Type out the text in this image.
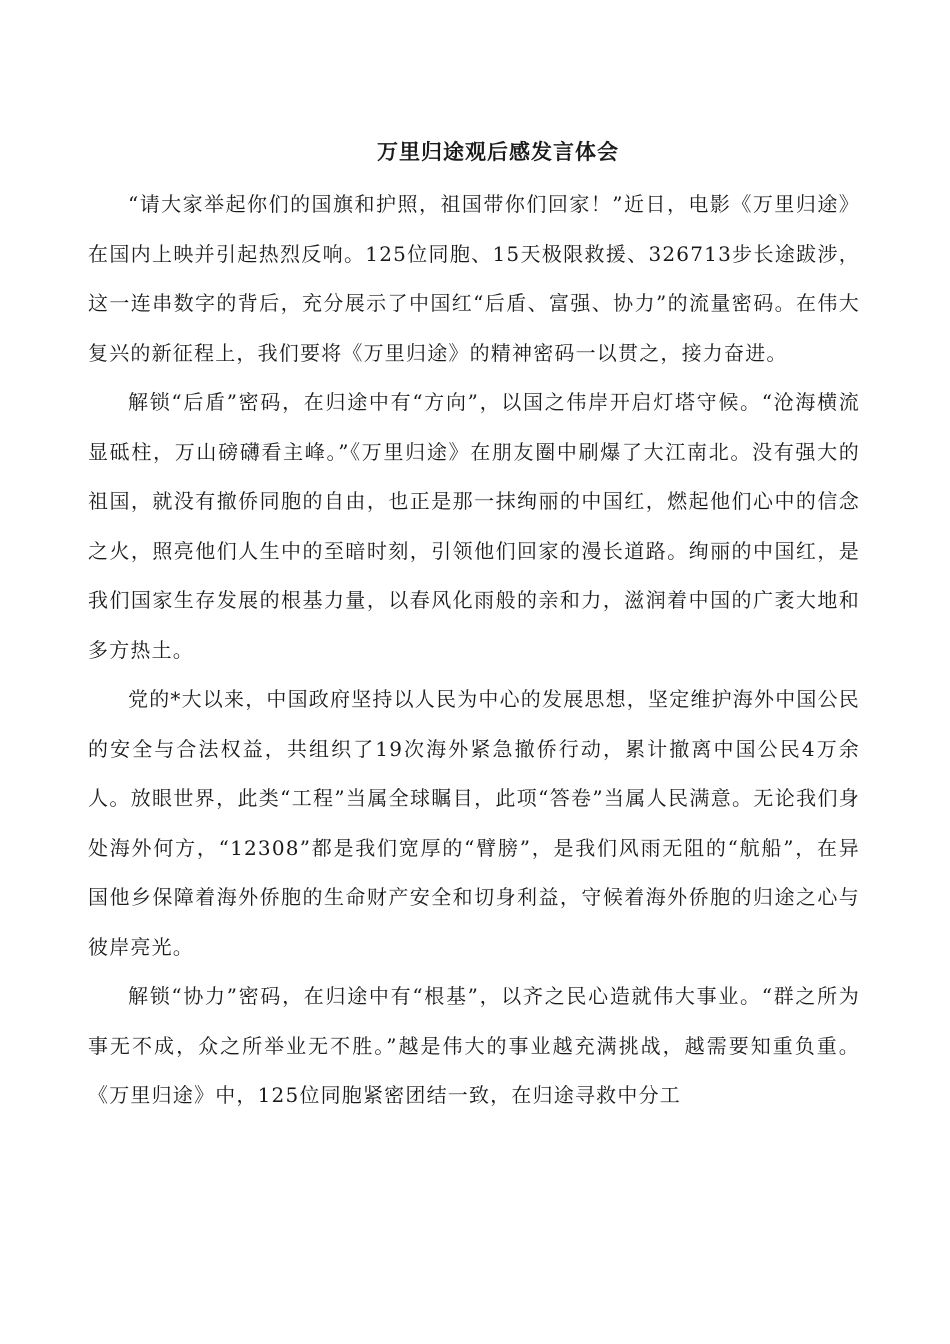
万里归途观后感发言体会

“请大家举起你们的国旗和护照，祖国带你们回家！”近日，电影《万里归途》在国内上映并引起热烈反响。125位同胞、15天极限救援、326713步长途跋涉，这一连串数字的背后，充分展示了中国红“后盾、富强、协力”的流量密码。在伟大复兴的新征程上，我们要将《万里归途》的精神密码一以贯之，接力奋进。

解锁“后盾”密码，在归途中有“方向”，以国之伟岸开启灯塔守候。“沧海横流显砥柱，万山磅礴看主峰。”《万里归途》在朋友圈中刷爆了大江南北。没有强大的祖国，就没有撤侨同胞的自由，也正是那一抹绚丽的中国红，燃起他们心中的信念之火，照亮他们人生中的至暗时刻，引领他们回家的漫长道路。绚丽的中国红，是我们国家生存发展的根基力量，以春风化雨般的亲和力，滋润着中国的广袤大地和多方热土。

党的*大以来，中国政府坚持以人民为中心的发展思想，坚定维护海外中国公民的安全与合法权益，共组织了19次海外紧急撤侨行动，累计撤离中国公民4万余人。放眼世界，此类“工程”当属全球瞩目，此项“答卷”当属人民满意。无论我们身处海外何方，“12308”都是我们宽厚的“臂膀”，是我们风雨无阻的“航船”，在异国他乡保障着海外侨胞的生命财产安全和切身利益，守候着海外侨胞的归途之心与彼岸亮光。

解锁“协力”密码，在归途中有“根基”，以齐之民心造就伟大事业。“群之所为事无不成，众之所举业无不胜。”越是伟大的事业越充满挑战，越需要知重负重。《万里归途》中，125位同胞紧密团结一致，在归途寻救中分工
